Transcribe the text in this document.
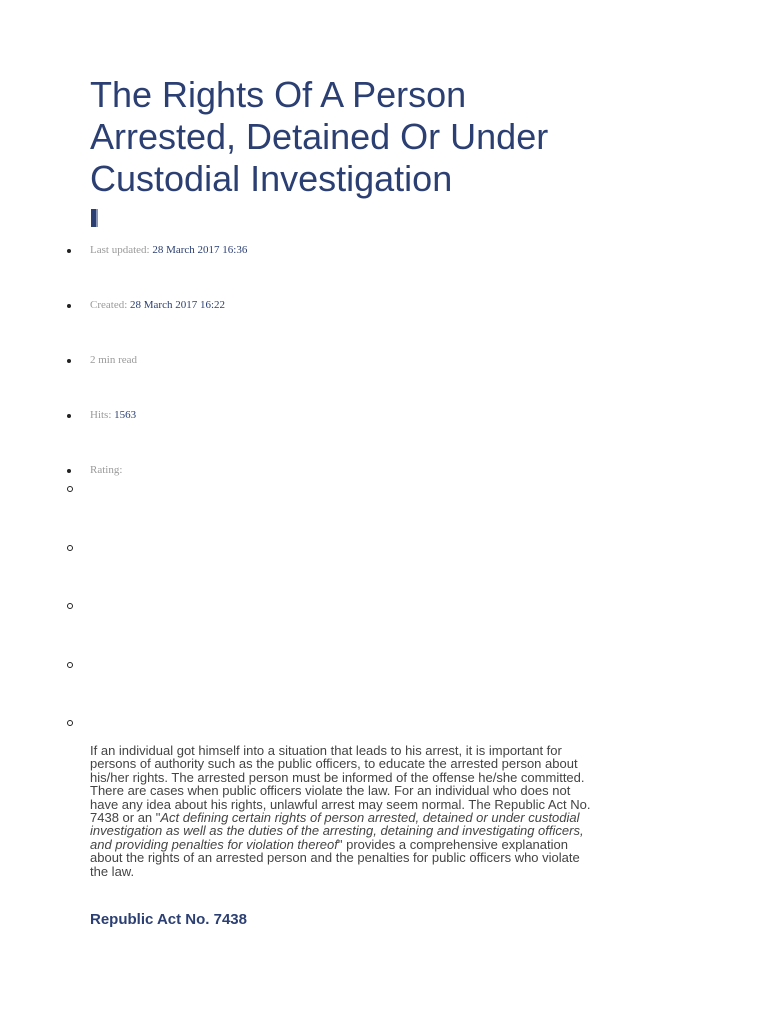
The Rights Of A Person
Arrested, Detained Or Under
Custodial Investigation
Last updated: 28 March 2017 16:36
Created: 28 March 2017 16:22
2 min read
Hits: 1563
Rating:
If an individual got himself into a situation that leads to his arrest, it is important for
persons of authority such as the public officers, to educate the arrested person about
his/her rights. The arrested person must be informed of the offense he/she committed.
There are cases when public officers violate the law. For an individual who does not
have any idea about his rights, unlawful arrest may seem normal. The Republic Act No.
7438 or an "Act defining certain rights of person arrested, detained or under custodial
investigation as well as the duties of the arresting, detaining and investigating officers,
and providing penalties for violation thereof" provides a comprehensive explanation
about the rights of an arrested person and the penalties for public officers who violate
the law.
Republic Act No. 7438
